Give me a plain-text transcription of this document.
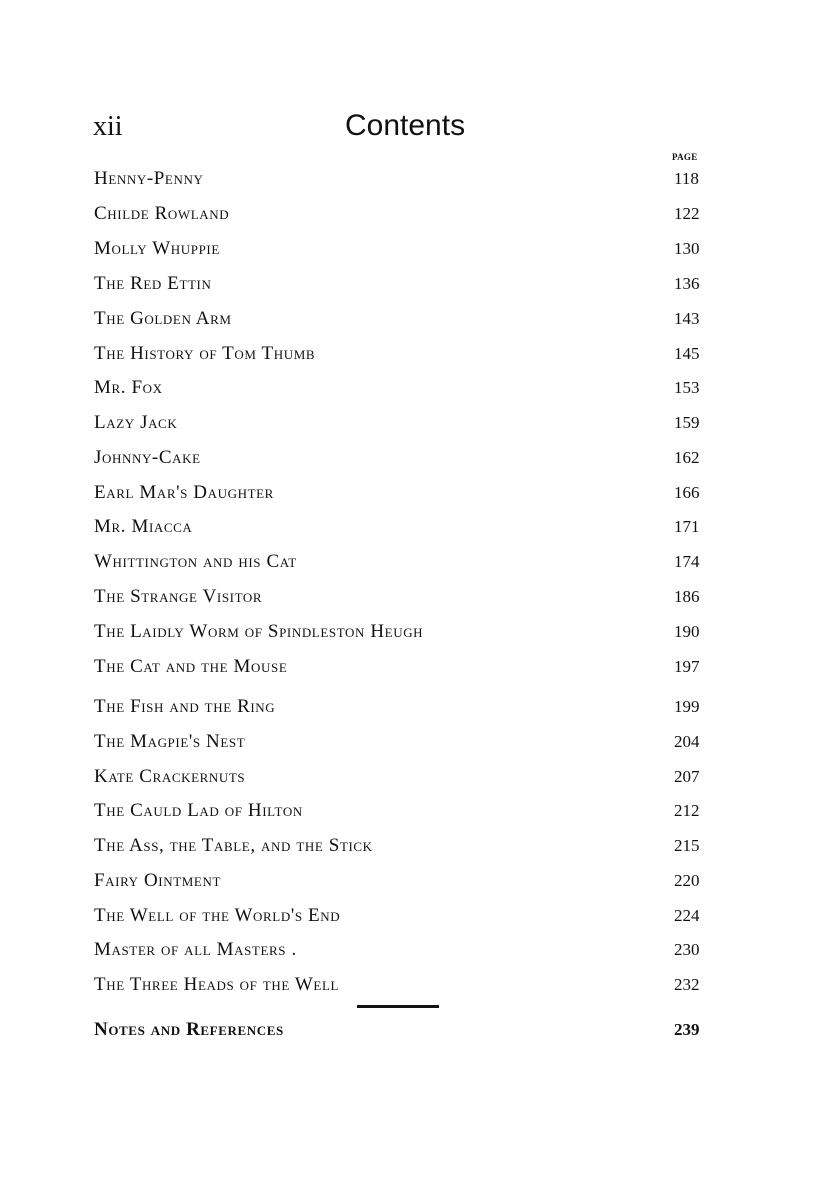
xii	Contents
PAGE
Henny-Penny	118
Childe Rowland	122
Molly Whuppie	130
The Red Ettin	136
The Golden Arm	143
The History of Tom Thumb	145
Mr. Fox	153
Lazy Jack	159
Johnny-Cake	162
Earl Mar's Daughter	166
Mr. Miacca	171
Whittington and his Cat	174
The Strange Visitor	186
The Laidly Worm of Spindleston Heugh	190
The Cat and the Mouse	197
The Fish and the Ring	199
The Magpie's Nest	204
Kate Crackernuts	207
The Cauld Lad of Hilton	212
The Ass, the Table, and the Stick	215
Fairy Ointment	220
The Well of the World's End	224
Master of all Masters .	230
The Three Heads of the Well	232
Notes and References	239
